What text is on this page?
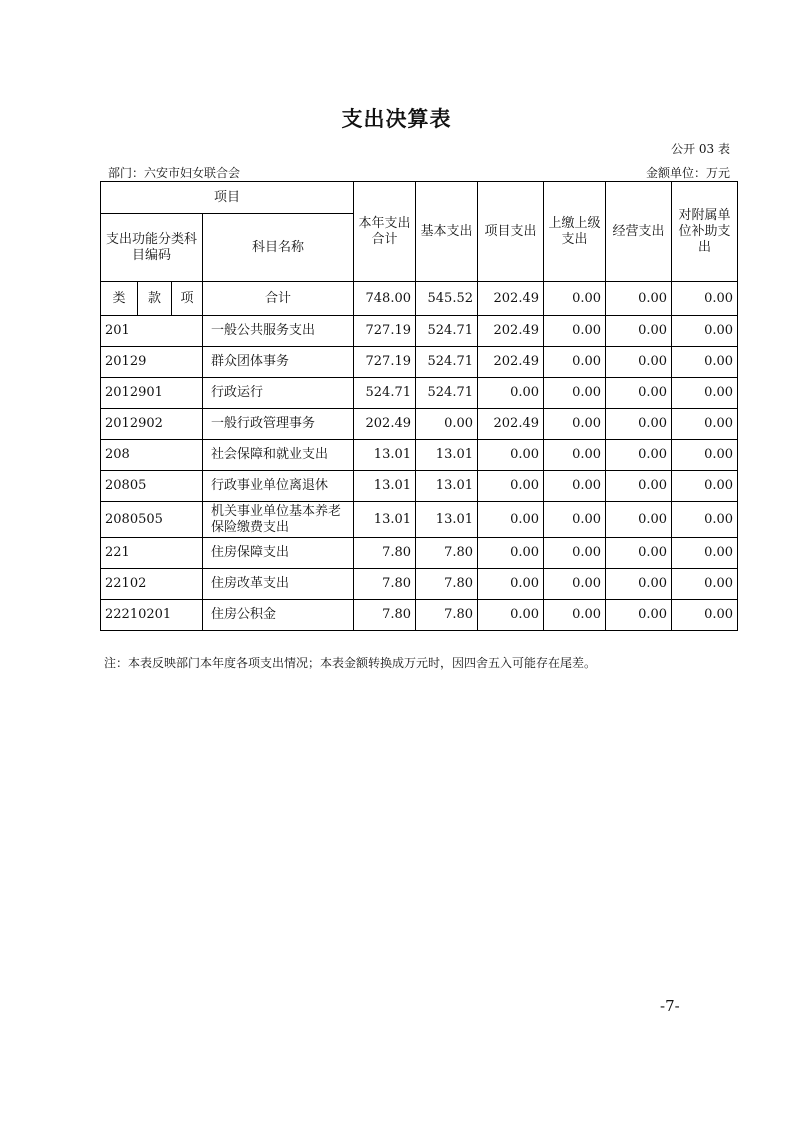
支出决算表
公开 03 表
部门：六安市妇女联合会	金额单位：万元
项目				本年支出合计	基本支出	项目支出	上缴上级支出	经营支出	对附属单位补助支出
支出功能分类科目编码			科目名称						
类	款	项	合计	748.00	545.52	202.49	0.00	0.00	0.00
201			一般公共服务支出	727.19	524.71	202.49	0.00	0.00	0.00
20129			群众团体事务	727.19	524.71	202.49	0.00	0.00	0.00
2012901			行政运行	524.71	524.71	0.00	0.00	0.00	0.00
2012902			一般行政管理事务	202.49	0.00	202.49	0.00	0.00	0.00
208			社会保障和就业支出	13.01	13.01	0.00	0.00	0.00	0.00
20805			行政事业单位离退休	13.01	13.01	0.00	0.00	0.00	0.00
2080505			机关事业单位基本养老保险缴费支出	13.01	13.01	0.00	0.00	0.00	0.00
221			住房保障支出	7.80	7.80	0.00	0.00	0.00	0.00
22102			住房改革支出	7.80	7.80	0.00	0.00	0.00	0.00
22210201			住房公积金	7.80	7.80	0.00	0.00	0.00	0.00
注：本表反映部门本年度各项支出情况；本表金额转换成万元时，因四舍五入可能存在尾差。
-7-
